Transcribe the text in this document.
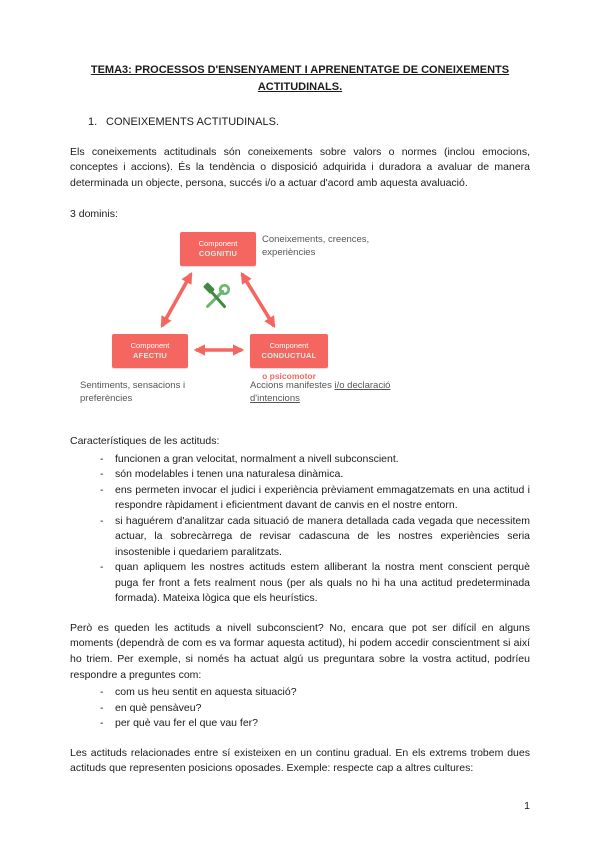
TEMA3: PROCESSOS D'ENSENYAMENT I APRENENTATGE DE CONEIXEMENTS
ACTITUDINALS.
1. CONEIXEMENTS ACTITUDINALS.

Els coneixements actitudinals són coneixements sobre valors o normes (inclou emocions, conceptes i accions). És la tendència o disposició adquirida i duradora a avaluar de manera determinada un objecte, persona, succés i/o a actuar d'acord amb aquesta avaluació.

3 dominis:

Component
COGNITIU
Component
AFECTIU
Component
CONDUCTUAL
o psicomotor
Coneixements, creences, experiències
Sentiments, sensacions i preferències
Accions manifestes i/o declaració d'intencions

Característiques de les actituds:

-	funcionen a gran velocitat, normalment a nivell subconscient.
-	són modelables i tenen una naturalesa dinàmica.
-	ens permeten invocar el judici i experiència prèviament emmagatzemats en una actitud i respondre ràpidament i eficientment davant de canvis en el nostre entorn.
-	si haguérem d'analitzar cada situació de manera detallada cada vegada que necessitem actuar, la sobrecàrrega de revisar cadascuna de les nostres experiències seria insostenible i quedariem paralitzats.
-	quan apliquem les nostres actituds estem alliberant la nostra ment conscient perquè puga fer front a fets realment nous (per als quals no hi ha una actitud predeterminada formada). Mateixa lògica que els heurístics.

Però es queden les actituds a nivell subconscient? No, encara que pot ser difícil en alguns moments (dependrà de com es va formar aquesta actitud), hi podem accedir conscientment si així ho triem. Per exemple, si només ha actuat algú us preguntara sobre la vostra actitud, podríeu respondre a preguntes com:

-	com us heu sentit en aquesta situació?
-	en què pensàveu?
-	per què vau fer el que vau fer?

Les actituds relacionades entre sí existeixen en un continu gradual. En els extrems trobem dues actituds que representen posicions oposades. Exemple: respecte cap a altres cultures:

1
